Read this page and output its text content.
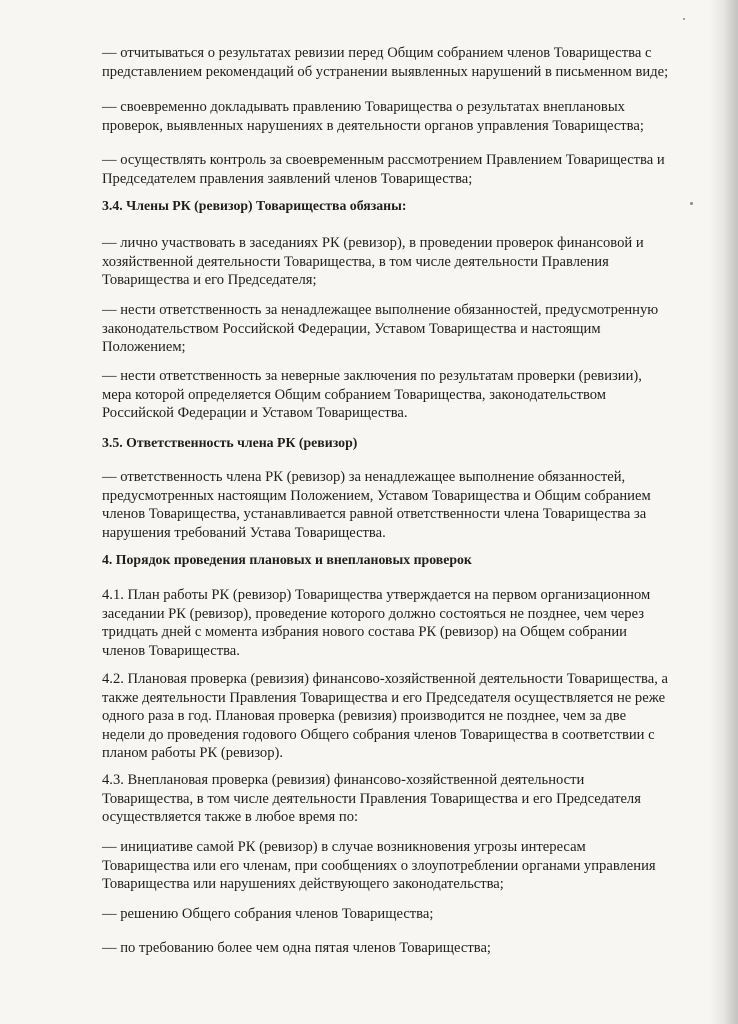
— отчитываться о результатах ревизии перед Общим собранием членов Товарищества с
представлением рекомендаций об устранении выявленных нарушений в письменном виде;
— своевременно докладывать правлению Товарищества о результатах внеплановых
проверок, выявленных нарушениях в деятельности органов управления Товарищества;
— осуществлять контроль за своевременным рассмотрением Правлением Товарищества и
Председателем правления заявлений членов Товарищества;
3.4. Члены РК (ревизор) Товарищества обязаны:
— лично участвовать в заседаниях РК (ревизор), в проведении проверок финансовой и
хозяйственной деятельности Товарищества, в том числе деятельности Правления
Товарищества и его Председателя;
— нести ответственность за ненадлежащее выполнение обязанностей, предусмотренную
законодательством Российской Федерации, Уставом Товарищества и настоящим
Положением;
— нести ответственность за неверные заключения по результатам проверки (ревизии),
мера которой определяется Общим собранием Товарищества, законодательством
Российской Федерации и Уставом Товарищества.
3.5. Ответственность члена РК (ревизор)
— ответственность члена РК (ревизор) за ненадлежащее выполнение обязанностей,
предусмотренных настоящим Положением, Уставом Товарищества и Общим собранием
членов Товарищества, устанавливается равной ответственности члена Товарищества за
нарушения требований Устава Товарищества.
4. Порядок проведения плановых и внеплановых проверок
4.1. План работы РК (ревизор) Товарищества утверждается на первом организационном
заседании РК (ревизор), проведение которого должно состояться не позднее, чем через
тридцать дней с момента избрания нового состава РК (ревизор) на Общем собрании
членов Товарищества.
4.2. Плановая проверка (ревизия) финансово-хозяйственной деятельности Товарищества, а
также деятельности Правления Товарищества и его Председателя осуществляется не реже
одного раза в год. Плановая проверка (ревизия) производится не позднее, чем за две
недели до проведения годового Общего собрания членов Товарищества в соответствии с
планом работы РК (ревизор).
4.3. Внеплановая проверка (ревизия) финансово-хозяйственной деятельности
Товарищества, в том числе деятельности Правления Товарищества и его Председателя
осуществляется также в любое время по:
— инициативе самой РК (ревизор) в случае возникновения угрозы интересам
Товарищества или его членам, при сообщениях о злоупотреблении органами управления
Товарищества или нарушениях действующего законодательства;
— решению Общего собрания членов Товарищества;
— по требованию более чем одна пятая членов Товарищества;
